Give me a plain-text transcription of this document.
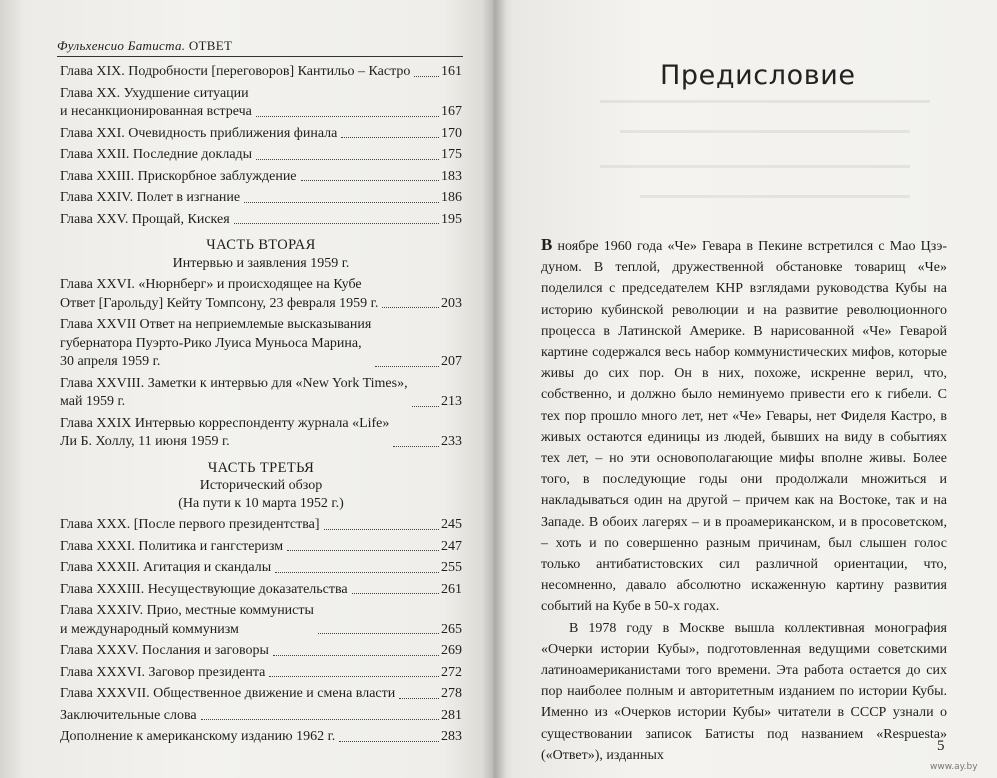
Фульхенсио Батиста. ОТВЕТ
Глава XIX. Подробности [переговоров] Кантильо – Кастро 161
Глава XX. Ухудшение ситуации
и несанкционированная встреча	167
Глава XXI. Очевидность приближения финала	170
Глава XXII. Последние доклады	175
Глава XXIII. Прискорбное заблуждение	183
Глава XXIV. Полет в изгнание	186
Глава XXV. Прощай, Кискея	195
ЧАСТЬ ВТОРАЯ
Интервью и заявления 1959 г.
Глава XXVI. «Нюрнберг» и происходящее на Кубе
Ответ [Гарольду] Кейту Томпсону, 23 февраля 1959 г.	203
Глава XXVII Ответ на неприемлемые высказывания
губернатора Пуэрто-Рико Луиса Муньоса Марина,
30 апреля 1959 г.	207
Глава XXVIII. Заметки к интервью для «New York Times»,
май 1959 г.	213
Глава XXIX Интервью корреспонденту журнала «Life»
Ли Б. Холлу, 11 июня 1959 г.	233
ЧАСТЬ ТРЕТЬЯ
Исторический обзор
(На пути к 10 марта 1952 г.)
Глава XXX. [После первого президентства]	245
Глава XXXI. Политика и гангстеризм	247
Глава XXXII. Агитация и скандалы	255
Глава XXXIII. Несуществующие доказательства	261
Глава XXXIV. Прио, местные коммунисты
и международный коммунизм	265
Глава XXXV. Послания и заговоры	269
Глава XXXVI. Заговор президента	272
Глава XXXVII. Общественное движение и смена власти	278
Заключительные слова	281
Дополнение к американскому изданию 1962 г.	283
Предисловие

В ноябре 1960 года «Че» Гевара в Пекине встретился с Мао Цзэ-дуном. В теплой, дружественной обстановке товарищ «Че» поделился с председателем КНР взглядами руководства Кубы на историю кубинской революции и на развитие революционного процесса в Латинской Америке. В нарисованной «Че» Геварой картине содержался весь набор коммунистических мифов, которые живы до сих пор. Он в них, похоже, искренне верил, что, собственно, и должно было неминуемо привести его к гибели. С тех пор прошло много лет, нет «Че» Гевары, нет Фиделя Кастро, в живых остаются единицы из людей, бывших на виду в событиях тех лет, – но эти основополагающие мифы вполне живы. Более того, в последующие годы они продолжали множиться и накладываться один на другой – причем как на Востоке, так и на Западе. В обоих лагерях – и в проамериканском, и в просоветском, – хоть и по совершенно разным причинам, был слышен голос только антибатистовских сил различной ориентации, что, несомненно, давало абсолютно искаженную картину развития событий на Кубе в 50-х годах.

В 1978 году в Москве вышла коллективная монография «Очерки истории Кубы», подготовленная ведущими советскими латиноамериканистами того времени. Эта работа остается до сих пор наиболее полным и авторитетным изданием по истории Кубы. Именно из «Очерков истории Кубы» читатели в СССР узнали о существовании записок Батисты под названием «Respuesta» («Ответ»), изданных

5
www.ay.by
